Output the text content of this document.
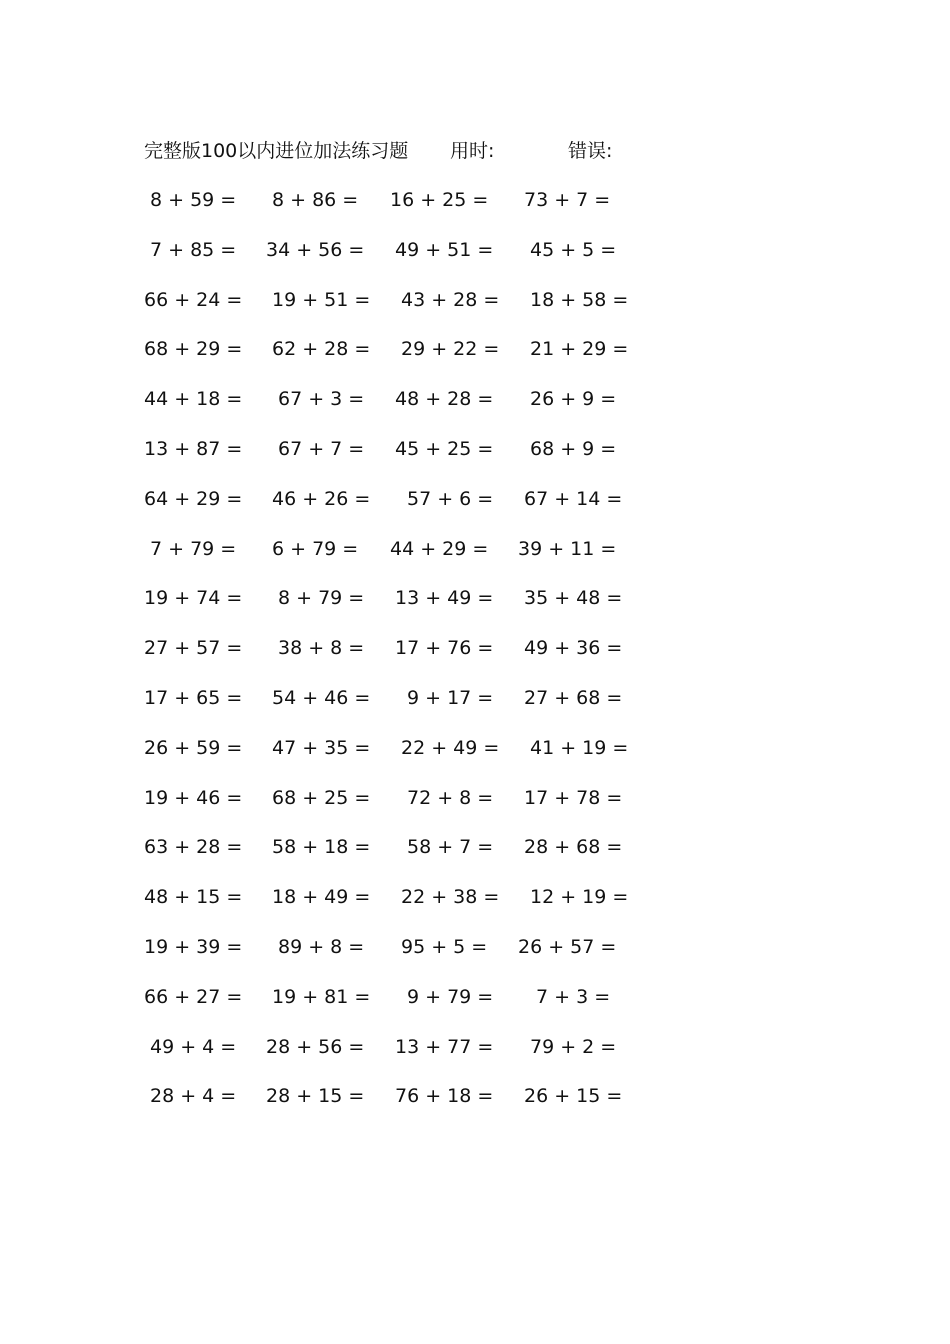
完整版100以内进位加法练习题 用时:	错误:
8 + 59 = 8 + 86 = 16 + 25 = 73 + 7 =
7 + 85 = 34 + 56 = 49 + 51 = 45 + 5 =
66 + 24 = 19 + 51 = 43 + 28 = 18 + 58 =
68 + 29 = 62 + 28 = 29 + 22 = 21 + 29 =
44 + 18 = 67 + 3 = 48 + 28 = 26 + 9 =
13 + 87 = 67 + 7 = 45 + 25 = 68 + 9 =
64 + 29 = 46 + 26 = 57 + 6 = 67 + 14 =
7 + 79 = 6 + 79 = 44 + 29 = 39 + 11 =
19 + 74 = 8 + 79 = 13 + 49 = 35 + 48 =
27 + 57 = 38 + 8 = 17 + 76 = 49 + 36 =
17 + 65 = 54 + 46 = 9 + 17 = 27 + 68 =
26 + 59 = 47 + 35 = 22 + 49 = 41 + 19 =
19 + 46 = 68 + 25 = 72 + 8 = 17 + 78 =
63 + 28 = 58 + 18 = 58 + 7 = 28 + 68 =
48 + 15 = 18 + 49 = 22 + 38 = 12 + 19 =
19 + 39 = 89 + 8 = 95 + 5 = 26 + 57 =
66 + 27 = 19 + 81 = 9 + 79 = 7 + 3 =
49 + 4 = 28 + 56 = 13 + 77 = 79 + 2 =
28 + 4 = 28 + 15 = 76 + 18 = 26 + 15 =
